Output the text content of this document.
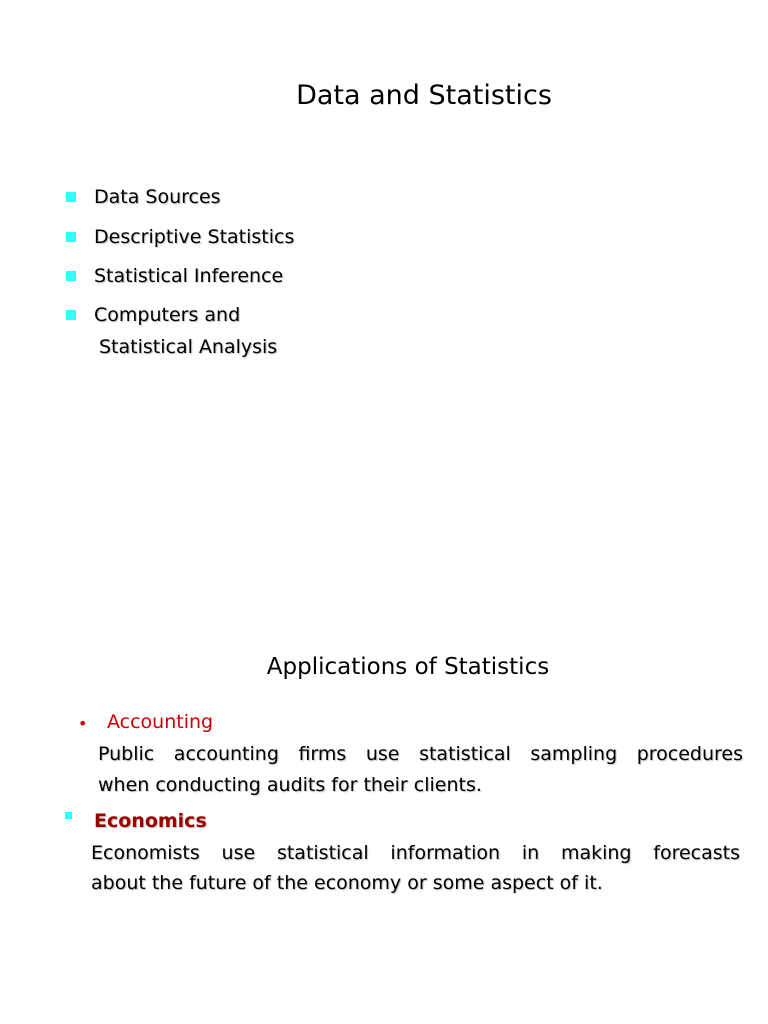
Data and Statistics
Data Sources
Descriptive Statistics
Statistical Inference
Computers and
Statistical Analysis
Applications of Statistics
• Accounting
Public accounting firms use statistical sampling procedures
when conducting audits for their clients.
Economics
Economists use statistical information in making forecasts
about the future of the economy or some aspect of it.
